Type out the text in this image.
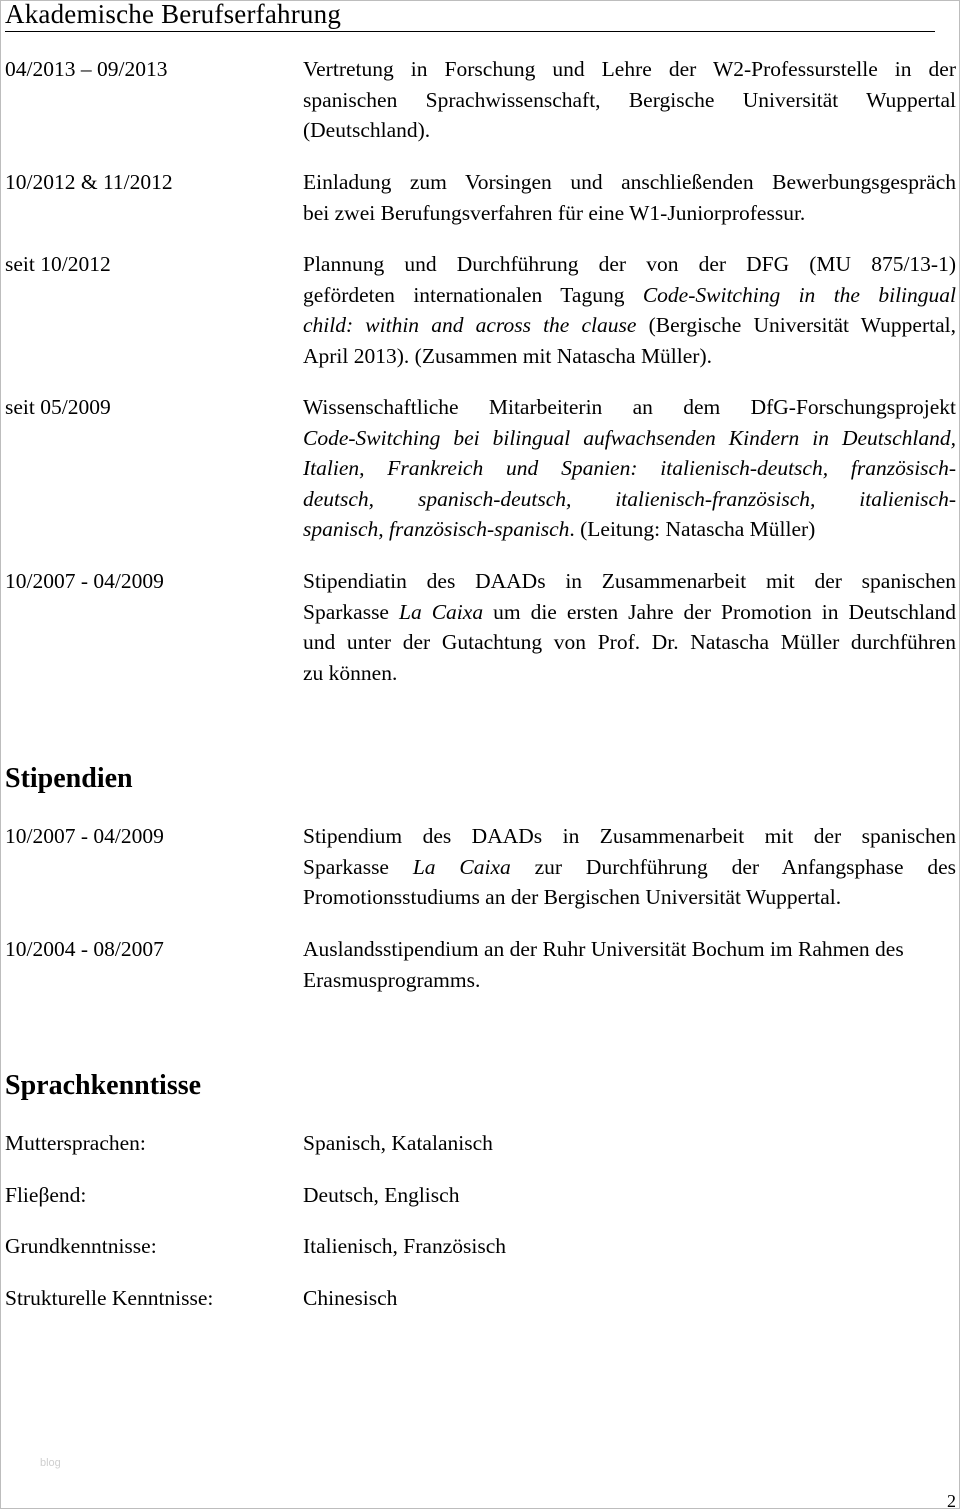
Akademische Berufserfahrung
04/2013 – 09/2013	Vertretung in Forschung und Lehre der W2-Professurstelle in der
spanischen Sprachwissenschaft, Bergische Universität Wuppertal
(Deutschland).
10/2012 & 11/2012	Einladung zum Vorsingen und anschließenden Bewerbungsgespräch
bei zwei Berufungsverfahren für eine W1-Juniorprofessur.
seit 10/2012	Plannung und Durchführung der von der DFG (MU 875/13-1)
gefördeten internationalen Tagung Code-Switching in the bilingual
child: within and across the clause (Bergische Universität Wuppertal,
April 2013). (Zusammen mit Natascha Müller).
seit 05/2009	Wissenschaftliche Mitarbeiterin an dem DfG-Forschungsprojekt
Code-Switching bei bilingual aufwachsenden Kindern in Deutschland,
Italien, Frankreich und Spanien: italienisch-deutsch, französisch-
deutsch, spanisch-deutsch, italienisch-französisch, italienisch-
spanisch, französisch-spanisch. (Leitung: Natascha Müller)
10/2007 - 04/2009	Stipendiatin des DAADs in Zusammenarbeit mit der spanischen
Sparkasse La Caixa um die ersten Jahre der Promotion in Deutschland
und unter der Gutachtung von Prof. Dr. Natascha Müller durchführen
zu können.
Stipendien
10/2007 - 04/2009	Stipendium des DAADs in Zusammenarbeit mit der spanischen
Sparkasse La Caixa zur Durchführung der Anfangsphase des
Promotionsstudiums an der Bergischen Universität Wuppertal.
10/2004 - 08/2007	Auslandsstipendium an der Ruhr Universität Bochum im Rahmen des
Erasmusprogramms.
Sprachkenntisse
Muttersprachen:	Spanisch, Katalanisch
Flieβend:	Deutsch, Englisch
Grundkenntnisse:	Italienisch, Französisch
Strukturelle Kenntnisse:	Chinesisch
blog
2
